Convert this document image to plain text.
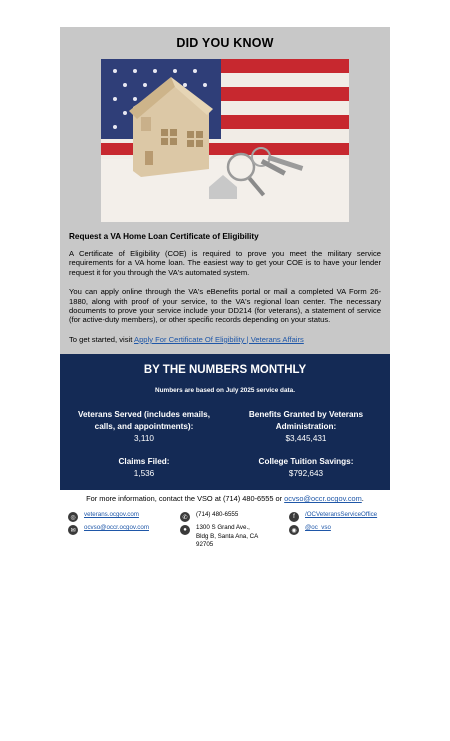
DID YOU KNOW
Request a VA Home Loan Certificate of Eligibility

A Certificate of Eligibility (COE) is required to prove you meet the military service requirements for a VA home loan. The easiest way to get your COE is to have your lender request it for you through the VA's automated system.

You can apply online through the VA's eBenefits portal or mail a completed VA Form 26-1880, along with proof of your service, to the VA's regional loan center. The necessary documents to prove your service include your DD214 (for veterans), a statement of service (for active-duty members), or other specific records depending on your status.

To get started, visit Apply For Certificate Of Eligibility | Veterans Affairs

BY THE NUMBERS MONTHLY
Numbers are based on July 2025 service data.
Veterans Served (includes emails, calls, and appointments):
3,110
Benefits Granted by Veterans Administration:
$3,445,431
Claims Filed:
1,536
College Tuition Savings:
$792,643
For more information, contact the VSO at (714) 480-6555 or ocvso@occr.ocgov.com.
◎	veterans.ocgov.com
✉	ocvso@occr.ocgov.com
✆	(714) 480-6555
●	1300 S Grand Ave.,
Bldg B, Santa Ana, CA
92705
f	/OCVeteransServiceOffice
◉	@oc_vso
